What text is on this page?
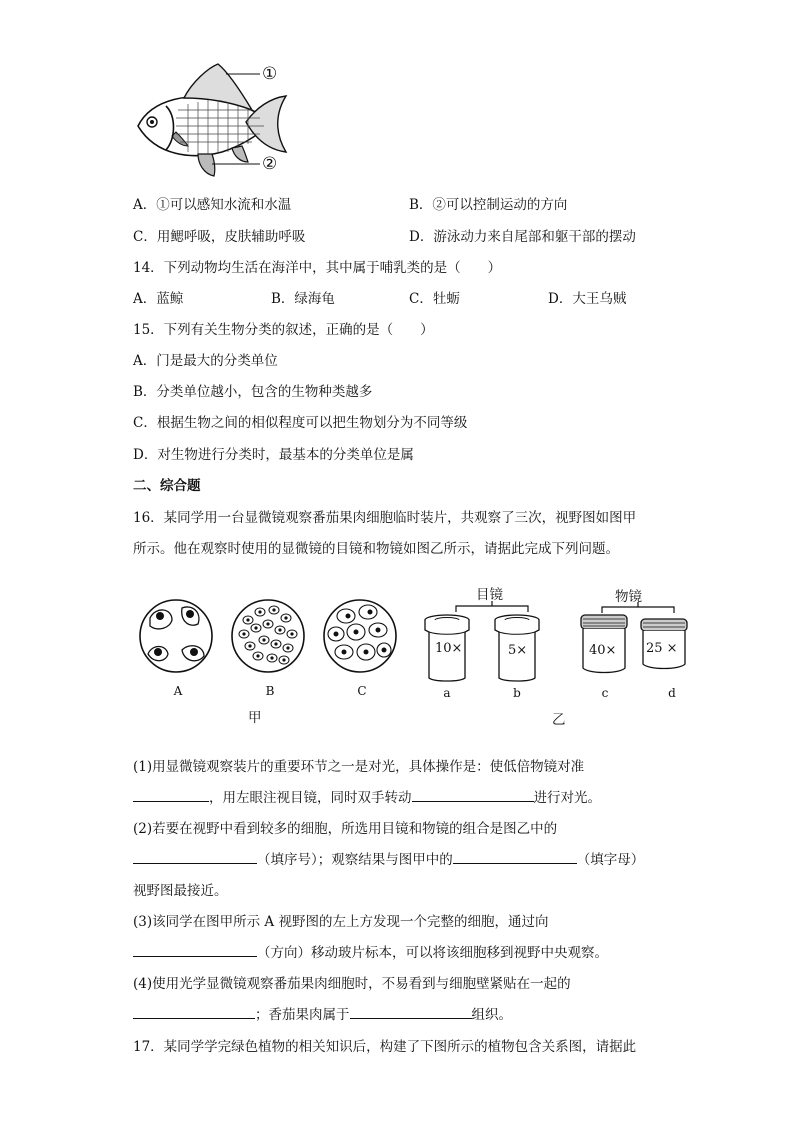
①
②
A．①可以感知水流和水温	B．②可以控制运动的方向
C．用鳃呼吸，皮肤辅助呼吸	D．游泳动力来自尾部和躯干部的摆动
14．下列动物均生活在海洋中，其中属于哺乳类的是（　　）
A．蓝鲸	B．绿海龟	C．牡蛎	D．大王乌贼
15．下列有关生物分类的叙述，正确的是（　　）
A．门是最大的分类单位
B．分类单位越小，包含的生物种类越多
C．根据生物之间的相似程度可以把生物划分为不同等级
D．对生物进行分类时，最基本的分类单位是属
二、综合题
16．某同学用一台显微镜观察番茄果肉细胞临时装片，共观察了三次，视野图如图甲
所示。他在观察时使用的显微镜的目镜和物镜如图乙所示，请据此完成下列问题。
A	B	C
甲
目镜	物镜
10×	5×	40× 25 ×
a	b	c	d
乙
(1)用显微镜观察装片的重要环节之一是对光，具体操作是：使低倍物镜对准
，用左眼注视目镜，同时双手转动	进行对光。
(2)若要在视野中看到较多的细胞，所选用目镜和物镜的组合是图乙中的
（填序号）；观察结果与图甲中的	（填字母）
视野图最接近。
(3)该同学在图甲所示 A 视野图的左上方发现一个完整的细胞，通过向
（方向）移动玻片标本，可以将该细胞移到视野中央观察。
(4)使用光学显微镜观察番茄果肉细胞时，不易看到与细胞壁紧贴在一起的
；香茄果肉属于	组织。
17．某同学学完绿色植物的相关知识后，构建了下图所示的植物包含关系图，请据此
